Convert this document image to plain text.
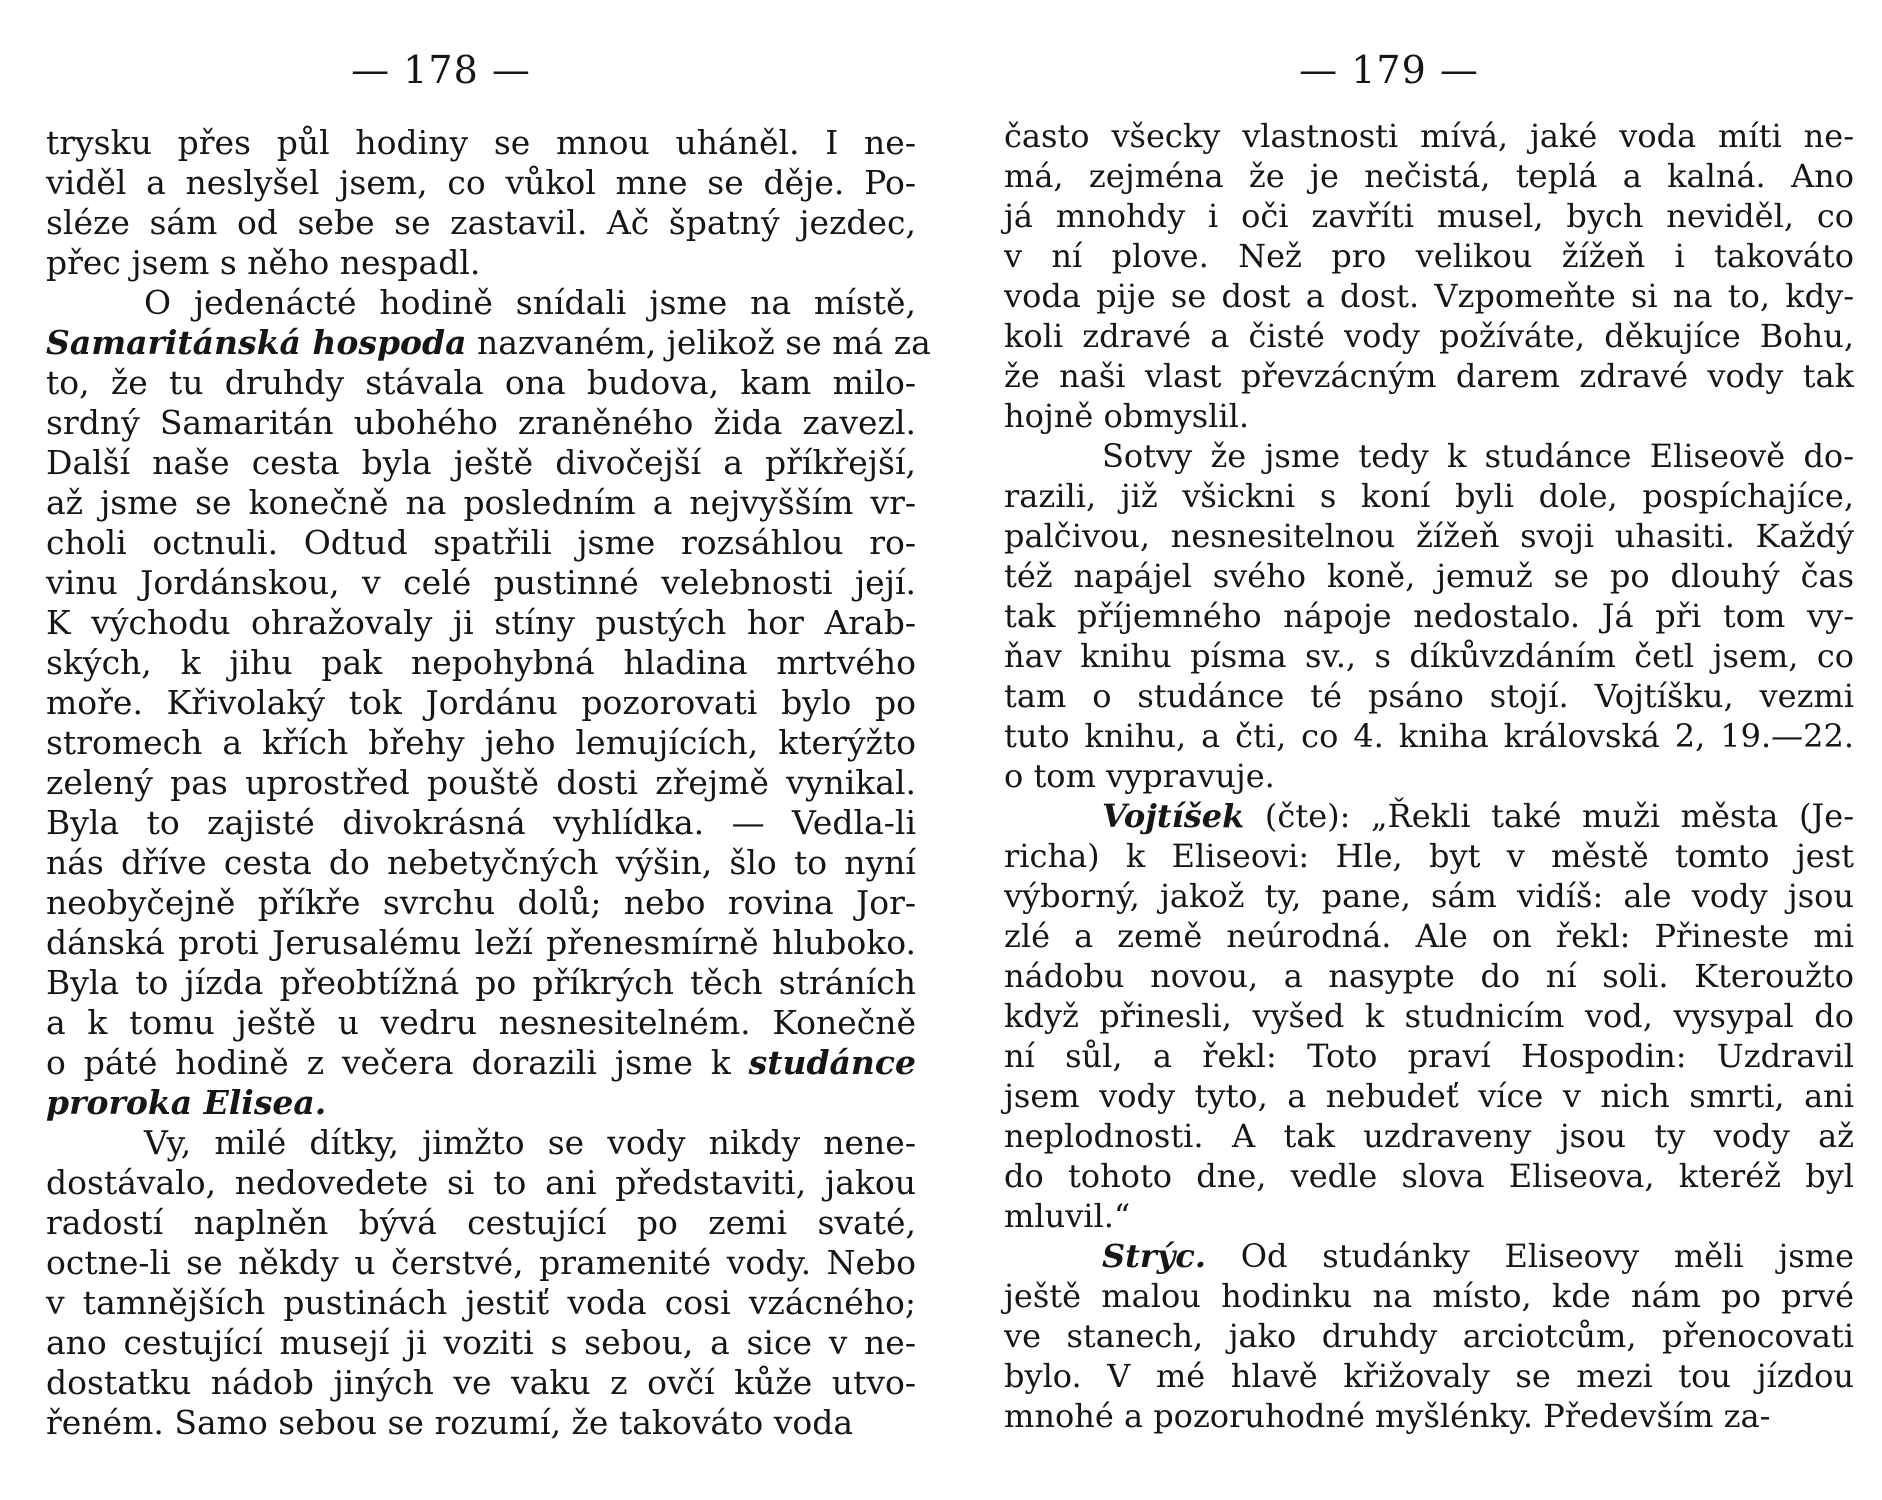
— 178 —
trysku přes půl hodiny se mnou uháněl. I ne-
viděl a neslyšel jsem, co vůkol mne se děje. Po-
sléze sám od sebe se zastavil. Ač špatný jezdec,
přec jsem s něho nespadl.
O jedenácté hodině snídali jsme na místě,
Samaritánská hospoda nazvaném, jelikož se má za
to, že tu druhdy stávala ona budova, kam milo-
srdný Samaritán ubohého zraněného žida zavezl.
Další naše cesta byla ještě divočejší a příkřejší,
až jsme se konečně na posledním a nejvyšším vr-
choli octnuli. Odtud spatřili jsme rozsáhlou ro-
vinu Jordánskou, v celé pustinné velebnosti její.
K východu ohražovaly ji stíny pustých hor Arab-
ských, k jihu pak nepohybná hladina mrtvého
moře. Křivolaký tok Jordánu pozorovati bylo po
stromech a křích břehy jeho lemujících, kterýžto
zelený pas uprostřed pouště dosti zřejmě vynikal.
Byla to zajisté divokrásná vyhlídka. — Vedla-li
nás dříve cesta do nebetyčných výšin, šlo to nyní
neobyčejně příkře svrchu dolů; nebo rovina Jor-
dánská proti Jerusalému leží přenesmírně hluboko.
Byla to jízda přeobtížná po příkrých těch stráních
a k tomu ještě u vedru nesnesitelném. Konečně
o páté hodině z večera dorazili jsme k studánce
proroka Elisea.
Vy, milé dítky, jimžto se vody nikdy nene-
dostávalo, nedovedete si to ani představiti, jakou
radostí naplněn bývá cestující po zemi svaté,
octne-li se někdy u čerstvé, pramenité vody. Nebo
v tamnějších pustinách jestiť voda cosi vzácného;
ano cestující musejí ji voziti s sebou, a sice v ne-
dostatku nádob jiných ve vaku z ovčí kůže utvo-
řeném. Samo sebou se rozumí, že takováto voda
— 179 —
často všecky vlastnosti mívá, jaké voda míti ne-
má, zejména že je nečistá, teplá a kalná. Ano
já mnohdy i oči zavříti musel, bych neviděl, co
v ní plove. Než pro velikou žížeň i takováto
voda pije se dost a dost. Vzpomeňte si na to, kdy-
koli zdravé a čisté vody požíváte, děkujíce Bohu,
že naši vlast převzácným darem zdravé vody tak
hojně obmyslil.
Sotvy že jsme tedy k studánce Eliseově do-
razili, již všickni s koní byli dole, pospíchajíce,
palčivou, nesnesitelnou žížeň svoji uhasiti. Každý
též napájel svého koně, jemuž se po dlouhý čas
tak příjemného nápoje nedostalo. Já při tom vy-
ňav knihu písma sv., s díkůvzdáním četl jsem, co
tam o studánce té psáno stojí. Vojtíšku, vezmi
tuto knihu, a čti, co 4. kniha královská 2, 19.—22.
o tom vypravuje.
Vojtíšek (čte): „Řekli také muži města (Je-
richa) k Eliseovi: Hle, byt v městě tomto jest
výborný, jakož ty, pane, sám vidíš: ale vody jsou
zlé a země neúrodná. Ale on řekl: Přineste mi
nádobu novou, a nasypte do ní soli. Kteroužto
když přinesli, vyšed k studnicím vod, vysypal do
ní sůl, a řekl: Toto praví Hospodin: Uzdravil
jsem vody tyto, a nebudeť více v nich smrti, ani
neplodnosti. A tak uzdraveny jsou ty vody až
do tohoto dne, vedle slova Eliseova, kteréž byl
mluvil.“
Strýc. Od studánky Eliseovy měli jsme
ještě malou hodinku na místo, kde nám po prvé
ve stanech, jako druhdy arciotcům, přenocovati
bylo. V mé hlavě křižovaly se mezi tou jízdou
mnohé a pozoruhodné myšlénky. Především za-
